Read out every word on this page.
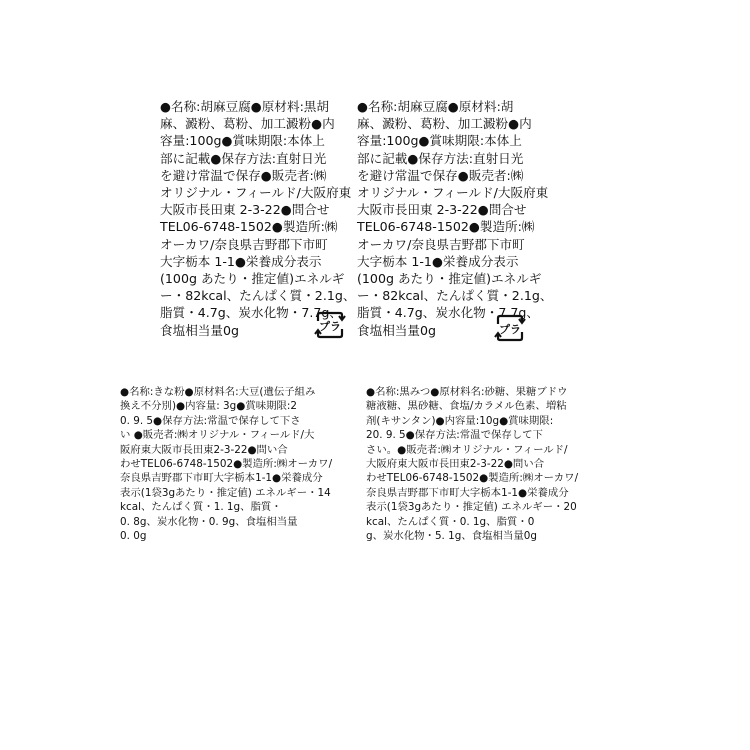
●名称:胡麻豆腐●原材料:黒胡
麻、澱粉、葛粉、加工澱粉●内
容量:100g●賞味期限:本体上
部に記載●保存方法:直射日光
を避け常温で保存●販売者:㈱
オリジナル・フィールド/大阪府東
大阪市長田東 2-3-22●問合せ
TEL06-6748-1502●製造所:㈱
オーカワ/奈良県吉野郡下市町
大字栃本 1-1●栄養成分表示
(100g あたり・推定値)エネルギ
ー・82kcal、たんぱく質・2.1g、
脂質・4.7g、炭水化物・7.7g、
食塩相当量0g	プラ
●名称:胡麻豆腐●原材料:胡
麻、澱粉、葛粉、加工澱粉●内
容量:100g●賞味期限:本体上
部に記載●保存方法:直射日光
を避け常温で保存●販売者:㈱
オリジナル・フィールド/大阪府東
大阪市長田東 2-3-22●問合せ
TEL06-6748-1502●製造所:㈱
オーカワ/奈良県吉野郡下市町
大字栃本 1-1●栄養成分表示
(100g あたり・推定値)エネルギ
ー・82kcal、たんぱく質・2.1g、
脂質・4.7g、炭水化物・7.7g、
食塩相当量0g	プラ
●名称:きな粉●原材料名:大豆(遺伝子組み
換え不分別)●内容量: 3g●賞味期限:2
0. 9. 5●保存方法:常温で保存して下さ
い ●販売者:㈱オリジナル・フィールド/大
阪府東大阪市長田東2-3-22●問い合
わせTEL06-6748-1502●製造所:㈱オーカワ/
奈良県吉野郡下市町大字栃本1-1●栄養成分
表示(1袋3gあたり・推定値) エネルギー・14
kcal、たんぱく質・1. 1g、脂質・
0. 8g、炭水化物・0. 9g、食塩相当量
0. 0g
●名称:黒みつ●原材料名:砂糖、果糖ブドウ
糖液糖、黒砂糖、食塩/カラメル色素、増粘
剤(キサンタン)●内容量:10g●賞味期限:
20. 9. 5●保存方法:常温で保存して下
さい。●販売者:㈱オリジナル・フィールド/
大阪府東大阪市長田東2-3-22●問い合
わせTEL06-6748-1502●製造所:㈱オーカワ/
奈良県吉野郡下市町大字栃本1-1●栄養成分
表示(1袋3gあたり・推定値) エネルギー・20
kcal、たんぱく質・0. 1g、脂質・0
g、炭水化物・5. 1g、食塩相当量0g
